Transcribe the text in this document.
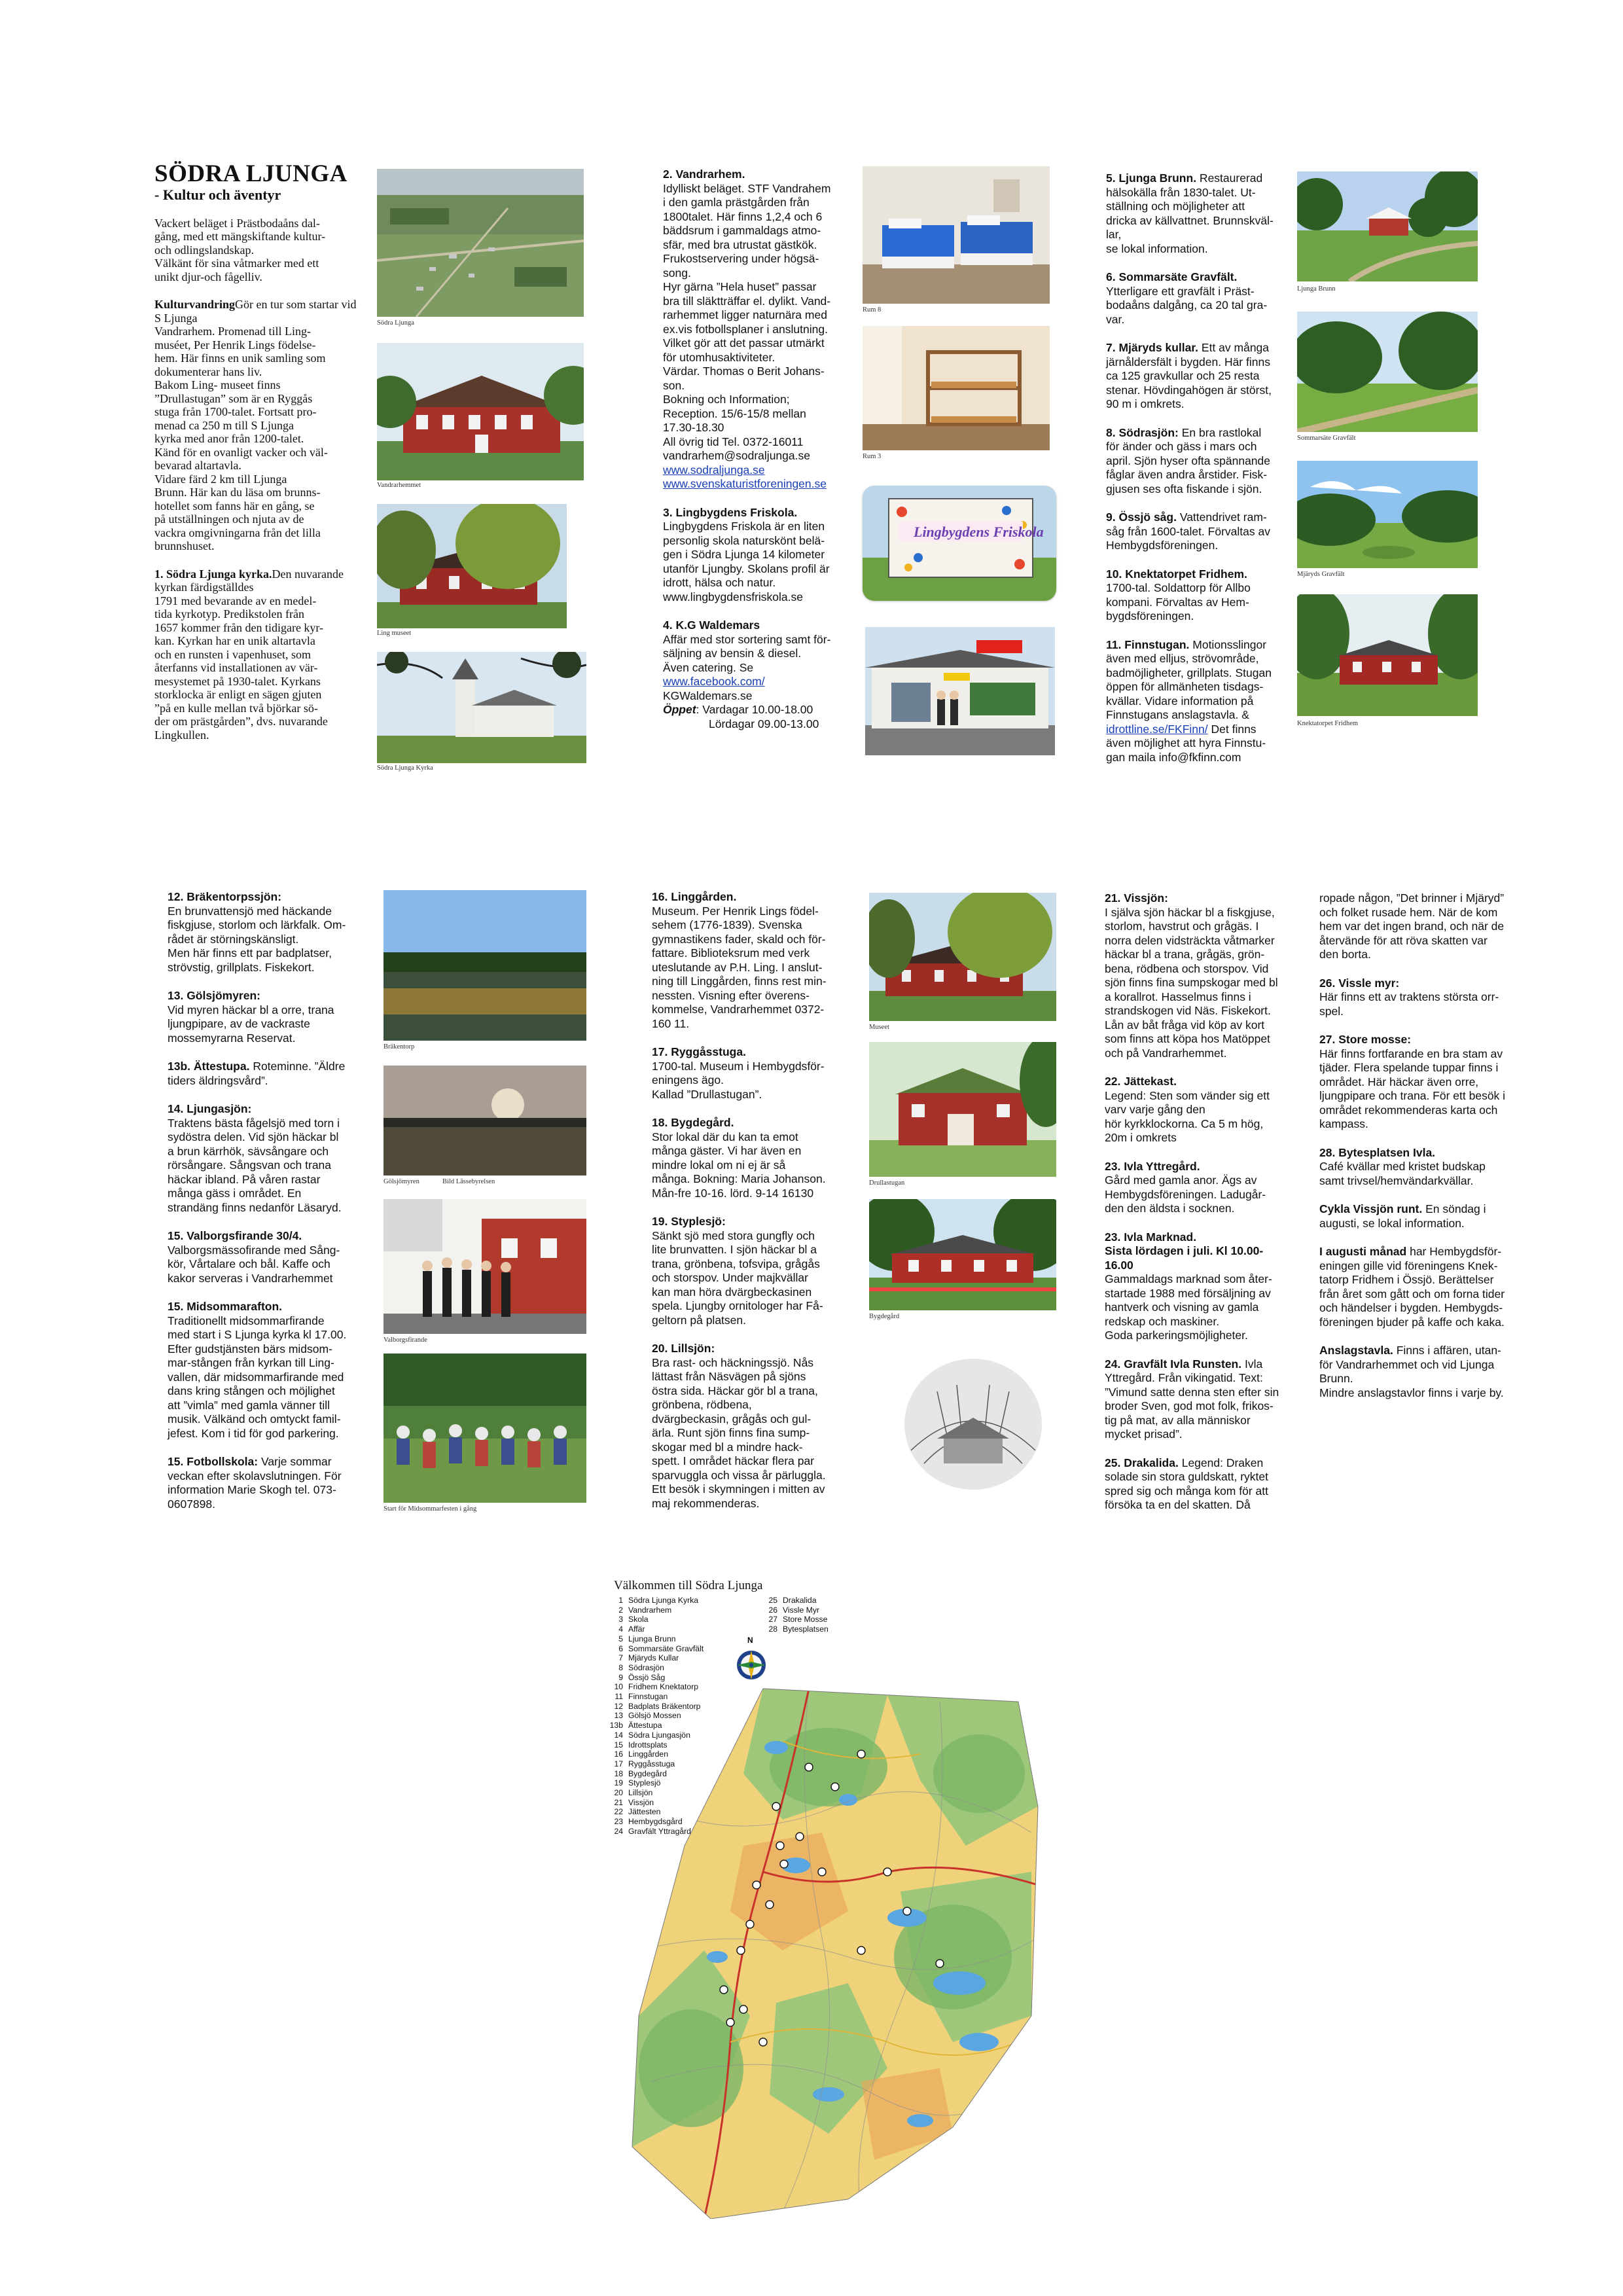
SÖDRA LJUNGA
- Kultur och äventyr

Vackert beläget i Prästbodaåns dal-
gång, med ett mängskiftande kultur-
och odlingslandskap.
Välkänt för sina våtmarker med ett
unikt djur-och fågelliv.

KulturvandringGör en tur som startar vid S Ljunga
Vandrarhem. Promenad till Ling-
muséet, Per Henrik Lings födelse-
hem. Här finns en unik samling som
dokumenterar hans liv.
Bakom Ling- museet finns
”Drullastugan” som är en Ryggås
stuga från 1700-talet. Fortsatt pro-
menad ca 250 m till S Ljunga
kyrka med anor från 1200-talet.
Känd för en ovanligt vacker och väl-
bevarad altartavla.
Vidare färd 2 km till Ljunga
Brunn. Här kan du läsa om brunns-
hotellet som fanns här en gång, se
på utställningen och njuta av de
vackra omgivningarna från det lilla
brunnshuset.

1. Södra Ljunga kyrka.Den nuvarande kyrkan färdigställdes
1791 med bevarande av en medel-
tida kyrkotyp. Predikstolen från
1657 kommer från den tidigare kyr-
kan. Kyrkan har en unik altartavla
och en runsten i vapenhuset, som
återfanns vid installationen av vär-
mesystemet på 1930-talet. Kyrkans
storklocka är enligt en sägen gjuten
”på en kulle mellan två björkar sö-
der om prästgården”, dvs. nuvarande
Lingkullen.

Södra Ljunga
Vandrarhemmet
Ling museet
Södra Ljunga Kyrka

2. Vandrarhem.
Idylliskt beläget. STF Vandrahem
i den gamla prästgården från
1800talet. Här finns 1,2,4 och 6
bäddsrum i gammaldags atmo-
sfär, med bra utrustat gästkök.
Frukostservering under högsä-
song.
Hyr gärna ”Hela huset” passar
bra till släktträffar el. dylikt. Vand-
rarhemmet ligger naturnära med
ex.vis fotbollsplaner i anslutning.
Vilket gör att det passar utmärkt
för utomhusaktiviteter.
Värdar. Thomas o Berit Johans-
son.
Bokning och Information;
Reception. 15/6-15/8 mellan
17.30-18.30
All övrig tid Tel. 0372-16011
vandrarhem@sodraljunga.se

www.sodraljunga.se
www.svenskaturistforeningen.se

3. Lingbygdens Friskola.
Lingbygdens Friskola är en liten
personlig skola naturskönt belä-
gen i Södra Ljunga 14 kilometer
utanför Ljungby. Skolans profil är
idrott, hälsa och natur.
www.lingbygdensfriskola.se

4. K.G Waldemars
Affär med stor sortering samt för-
säljning av bensin & diesel.
Även catering. Se

www.facebook.com/
KGWaldemars.se
Öppet: Vardagar 10.00-18.00
Lördagar 09.00-13.00
Rum 8
Rum 3
Lingbygdens Friskola

5. Ljunga Brunn. Restaurerad
hälsokälla från 1830-talet. Ut-
ställning och möjligheter att
dricka av källvattnet. Brunnskväl-
lar,
se lokal information.

6. Sommarsäte Gravfält.
Ytterligare ett gravfält i Präst-
bodaåns dalgång, ca 20 tal gra-
var.

7. Mjäryds kullar. Ett av många
järnåldersfält i bygden. Här finns
ca 125 gravkullar och 25 resta
stenar. Hövdingahögen är störst,
90 m i omkrets.

8. Södrasjön: En bra rastlokal
för änder och gäss i mars och
april. Sjön hyser ofta spännande
fåglar även andra årstider. Fisk-
gjusen ses ofta fiskande i sjön.

9. Össjö såg. Vattendrivet ram-
såg från 1600-talet. Förvaltas av
Hembygdsföreningen.

10. Knektatorpet Fridhem.
1700-tal. Soldattorp för Allbo
kompani. Förvaltas av Hem-
bygdsföreningen.

11. Finnstugan. Motionsslingor
även med elljus, strövområde,
badmöjligheter, grillplats. Stugan
öppen för allmänheten tisdags-
kvällar. Vidare information på
Finnstugans anslagstavla. &

idrottline.se/FKFinn/ Det finns
även möjlighet att hyra Finnstu-
gan maila info@fkfinn.com
Ljunga Brunn
Sommarsäte Gravfält
Mjäryds Gravfält
Knektatorpet Fridhem

12. Bräkentorpssjön:
En brunvattensjö med häckande
fiskgjuse, storlom och lärkfalk. Om-
rådet är störningskänsligt.
Men här finns ett par badplatser,
strövstig, grillplats. Fiskekort.

13. Gölsjömyren:
Vid myren häckar bl a orre, trana
ljungpipare, av de vackraste
mossemyrarna Reservat.

13b. Ättestupa. Roteminne. ”Äldre
tiders äldringsvård”.

14. Ljungasjön:
Traktens bästa fågelsjö med torn i
sydöstra delen. Vid sjön häckar bl
a brun kärrhök, sävsångare och
rörsångare. Sångsvan och trana
häckar ibland. På våren rastar
många gäss i området. En
strandäng finns nedanför Läsaryd.

15. Valborgsfirande 30/4.
Valborgsmässofirande med Sång-
kör, Vårtalare och bål. Kaffe och
kakor serveras i Vandrarhemmet

15. Midsommarafton.
Traditionellt midsommarfirande
med start i S Ljunga kyrka kl 17.00.
Efter gudstjänsten bärs midsom-
mar-stången från kyrkan till Ling-
vallen, där midsommarfirande med
dans kring stången och möjlighet
att ”vimla” med gamla vänner till
musik. Välkänd och omtyckt famil-
jefest. Kom i tid för god parkering.

15. Fotbollskola: Varje sommar
veckan efter skolavslutningen. För
information Marie Skogh tel. 073-
0607898.

Bräkentorp
Gölsjömyren	Bild Lässebyrelsen
Valborgsfirande
Start för Midsommarfesten i gång

16. Linggården.
Museum. Per Henrik Lings födel-
sehem (1776-1839). Svenska
gymnastikens fader, skald och för-
fattare. Biblioteksrum med verk
uteslutande av P.H. Ling. I anslut-
ning till Linggården, finns rest min-
nessten. Visning efter överens-
kommelse, Vandrarhemmet 0372-
160 11.

17. Ryggåsstuga.
1700-tal. Museum i Hembygdsför-
eningens ägo.
Kallad ”Drullastugan”.

18. Bygdegård.
Stor lokal där du kan ta emot
många gäster. Vi har även en
mindre lokal om ni ej är så
många. Bokning: Maria Johanson.
Mån-fre 10-16. lörd. 9-14 16130

19. Styplesjö:
Sänkt sjö med stora gungfly och
lite brunvatten. I sjön häckar bl a
trana, grönbena, tofsvipa, grågås
och storspov. Under majkvällar
kan man höra dvärgbeckasinen
spela. Ljungby ornitologer har Få-
geltorn på platsen.

20. Lillsjön:
Bra rast- och häckningssjö. Nås
lättast från Näsvägen på sjöns
östra sida. Häckar gör bl a trana,
grönbena, rödbena,
dvärgbeckasin, grågås och gul-
ärla. Runt sjön finns fina sump-
skogar med bl a mindre hack-
spett. I området häckar flera par
sparvuggla och vissa år pärlugglа.
Ett besök i skymningen i mitten av
maj rekommenderas.

Museet
Drullastugan
Bygdegård

21. Vissjön:
I själva sjön häckar bl a fiskgjuse,
storlom, havstrut och grågäs. I
norra delen vidsträckta våtmarker
häckar bl a trana, grågäs, grön-
bena, rödbena och storspov. Vid
sjön finns fina sumpskogar med bl
a korallrot. Hasselmus finns i
strandskogen vid Näs. Fiskekort.
Lån av båt fråga vid köp av kort
som finns att köpa hos Matöppet
och på Vandrarhemmet.

22. Jättekast.
Legend: Sten som vänder sig ett
varv varje gång den
hör kyrkklockorna. Ca 5 m hög,
20m i omkrets

23. Ivla Yttregård.
Gård med gamla anor. Ägs av
Hembygdsföreningen. Ladugår-
den den äldsta i socknen.

23. Ivla Marknad.
Sista lördagen i juli. Kl 10.00-
16.00
Gammaldags marknad som åter-
startade 1988 med försäljning av
hantverk och visning av gamla
redskap och maskiner.
Goda parkeringsmöjligheter.

24. Gravfält Ivla Runsten. Ivla
Yttregård. Från vikingatid. Text:
”Vimund satte denna sten efter sin
broder Sven, god mot folk, frikos-
tig på mat, av alla människor
mycket prisad”.

25. Drakalida. Legend: Draken
solade sin stora guldskatt, ryktet
spred sig och många kom för att
försöka ta en del skatten. Då

ropade någon, ”Det brinner i Mjäryd”
och folket rusade hem. När de kom
hem var det ingen brand, och när de
återvände för att röva skatten var
den borta.

26. Vissle myr:
Här finns ett av traktens största orr-
spel.

27. Store mosse:
Här finns fortfarande en bra stam av
tjäder. Flera spelande tuppar finns i
området. Här häckar även orre,
ljungpipare och trana. För ett besök i
området rekommenderas karta och
kampass.

28. Bytesplatsen Ivla.
Café kvällar med kristet budskap
samt trivsel/hemvändarkvällar.

Cykla Vissjön runt. En söndag i
augusti, se lokal information.

I augusti månad har Hembygdsför-
eningen gille vid föreningens Knek-
tatorp Fridhem i Össjö. Berättelser
från året som gått och om forna tider
och händelser i bygden. Hembygds-
föreningen bjuder på kaffe och kaka.

Anslagstavla. Finns i affären, utan-
för Vandrarhemmet och vid Ljunga
Brunn.
Mindre anslagstavlor finns i varje by.

Välkommen till Södra Ljunga
1 Södra Ljunga Kyrka
2 Vandrarhem
3 Skola
4 Affär
5 Ljunga Brunn
6 Sommarsäte Gravfält
7 Mjäryds Kullar
8 Södrasjön
9 Össjö Såg
10 Fridhem Knektatorp
11 Finnstugan
12 Badplats Bräkentorp
13 Gölsjö Mossen
13b Ättestupa
14 Södra Ljungasjön
15 Idrottsplats
16 Linggården
17 Ryggåsstuga
18 Bygdegård
19 Styplesjö
20 Lillsjön
21 Vissjön
22 Jättesten
23 Hembygdsgård
24 Gravfält Yttragård
25 Drakalida
26 Vissle Myr
27 Store Mosse
28 Bytesplatsen
N
